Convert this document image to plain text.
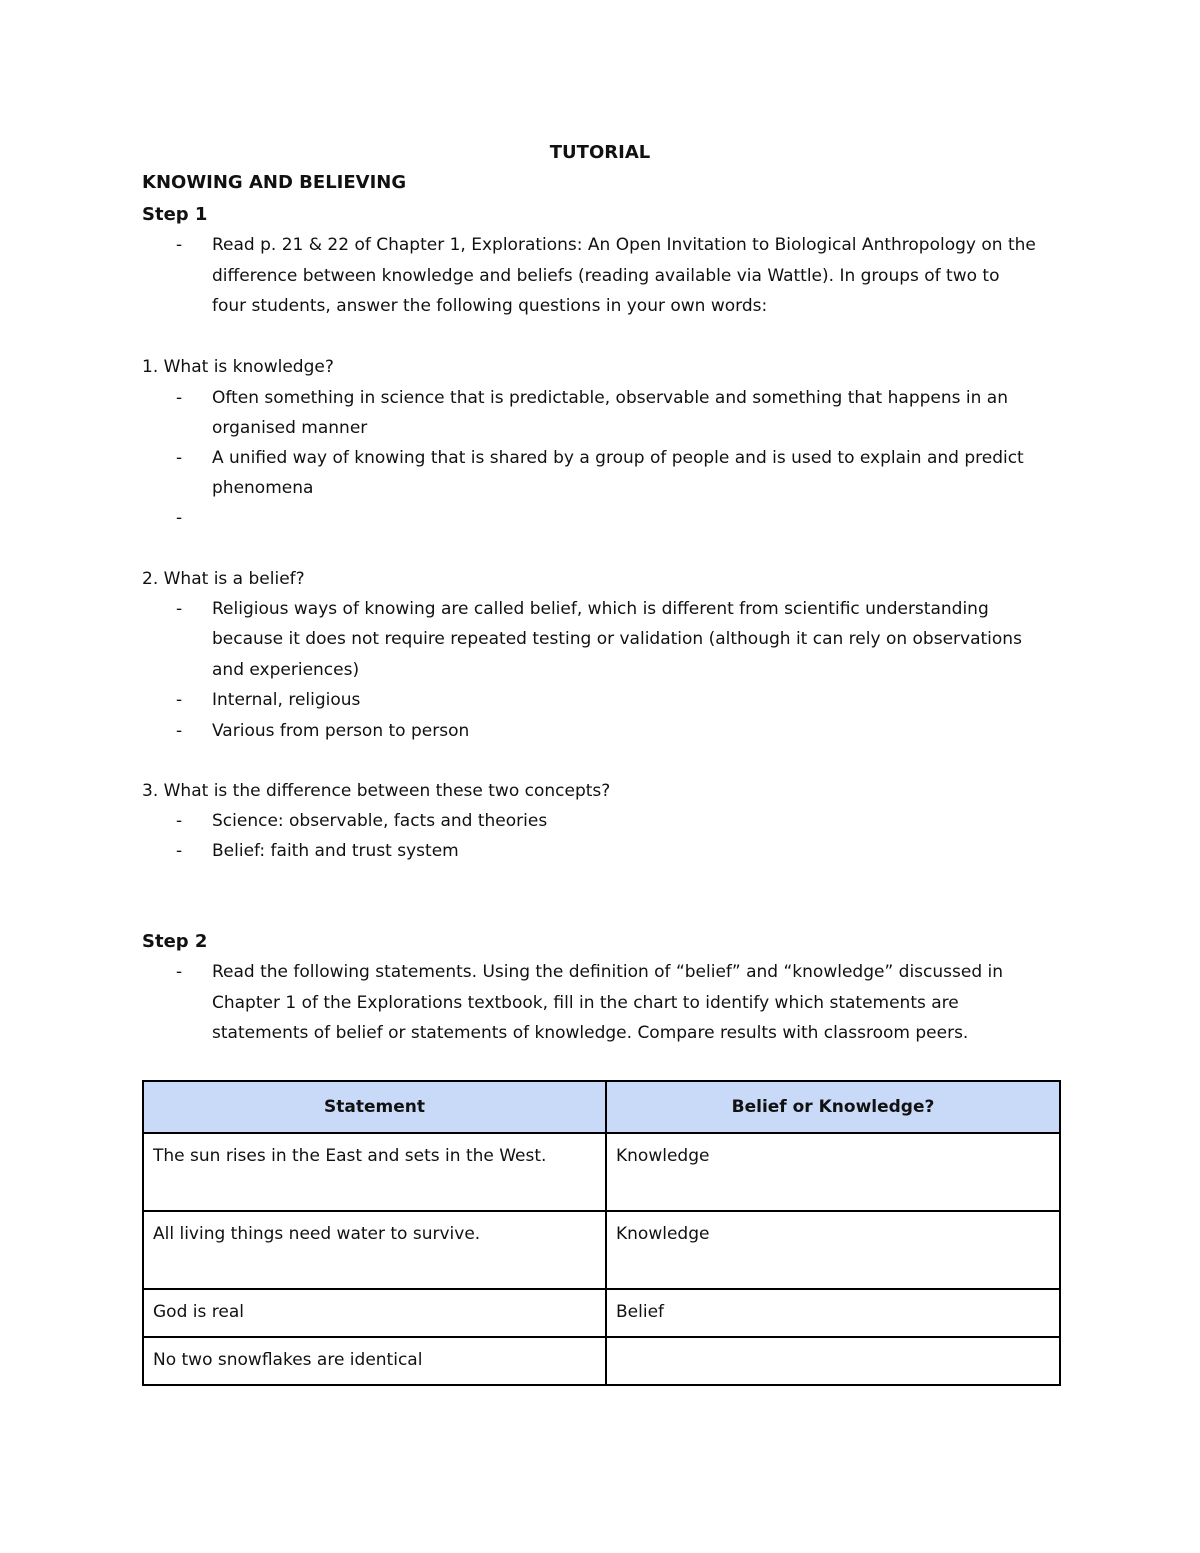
TUTORIAL
KNOWING AND BELIEVING
Step 1
- Read p. 21 & 22 of Chapter 1, Explorations: An Open Invitation to Biological Anthropology on the
difference between knowledge and beliefs (reading available via Wattle). In groups of two to
four students, answer the following questions in your own words:
1. What is knowledge?
- Often something in science that is predictable, observable and something that happens in an
organised manner
- A unified way of knowing that is shared by a group of people and is used to explain and predict
phenomena
-
2. What is a belief?
- Religious ways of knowing are called belief, which is different from scientific understanding
because it does not require repeated testing or validation (although it can rely on observations
and experiences)
- Internal, religious
- Various from person to person
3. What is the difference between these two concepts?
- Science: observable, facts and theories
- Belief: faith and trust system
Step 2
- Read the following statements. Using the definition of “belief” and “knowledge” discussed in
Chapter 1 of the Explorations textbook, fill in the chart to identify which statements are
statements of belief or statements of knowledge. Compare results with classroom peers.
Statement	Belief or Knowledge?
The sun rises in the East and sets in the West.	Knowledge
All living things need water to survive.	Knowledge
God is real	Belief
No two snowflakes are identical	
